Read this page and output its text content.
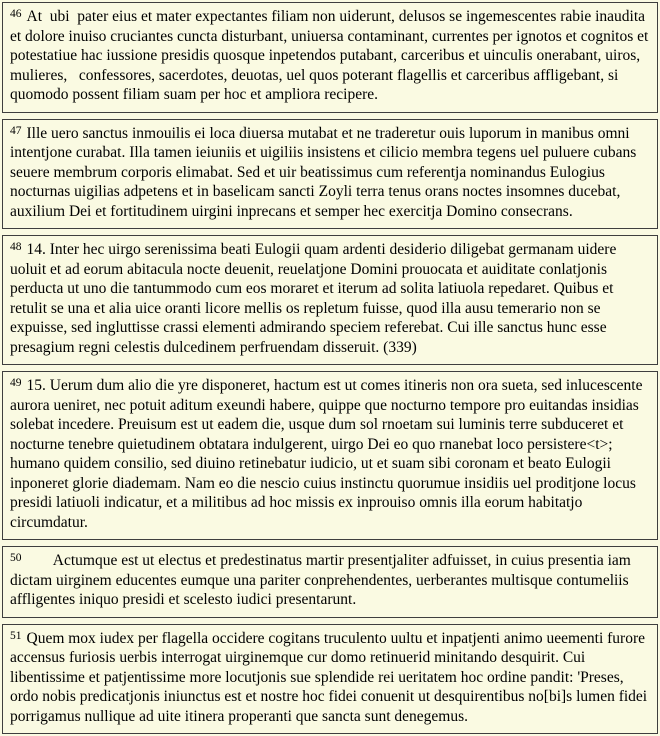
$^{46}$ At  ubi  pater eius et mater expectantes filiam non uiderunt, delusos se ingemescentes rabie inaudita et dolore inuiso cruciantes cuncta disturbant, uniuersa contaminant, currentes per ignotos et cognitos et potestatiue hac iussione presidis quosque inpetendos putabant, carceribus et uinculis onerabant, uiros, mulieres,   confessores, sacerdotes, deuotas, uel quos poterant flagellis et carceribus affligebant, si quomodo possent filiam suam per hoc et ampliora recipere.
$^{47}$ Ille uero sanctus inmouilis ei loca diuersa mutabat et ne traderetur ouis luporum in manibus omni intentjone curabat. Illa tamen ieiuniis et uigiliis insistens et cilicio membra tegens uel puluere cubans seuere membrum corporis elimabat. Sed et uir beatissimus cum referentja nominandus Eulogius nocturnas uigilias adpetens et in baselicam sancti Zoyli terra tenus orans noctes insomnes ducebat, auxilium Dei et fortitudinem uirgini inprecans et semper hec exercitja Domino consecrans.
$^{48}$ 14. Inter hec uirgo serenissima beati Eulogii quam ardenti desiderio diligebat germanam uidere uoluit et ad eorum abitacula nocte deuenit, reuelatjone Domini prouocata et auiditate conlatjonis perducta ut uno die tantummodo cum eos moraret et iterum ad solita latiuola repedaret. Quibus et retulit se una et alia uice oranti licore mellis os repletum fuisse, quod illa ausu temerario non se expuisse, sed ingluttisse crassi elementi admirando speciem referebat. Cui ille sanctus hunc esse presagium regni celestis dulcedinem perfruendam disseruit. (339)
$^{49}$ 15. Uerum dum alio die yre disponeret, hactum est ut comes itineris non ora sueta, sed inlucescente aurora ueniret, nec potuit aditum exeundi habere, quippe que nocturno tempore pro euitandas insidias solebat incedere. Preuisum est ut eadem die, usque dum sol rnoetam sui luminis terre subduceret et nocturne tenebre quietudinem obtatara indulgerent, uirgo Dei eo quo rnanebat loco persistere<t>; humano quidem consilio, sed diuino retinebatur iudicio, ut et suam sibi coronam et beato Eulogii inponeret glorie diademam. Nam eo die nescio cuius instinctu quorumue insidiis uel proditjone locus presidi latiuoli indicatur, et a militibus ad hoc missis ex inprouiso omnis illa eorum habitatjo circumdatur.
$^{50}$       Actumque est ut electus et predestinatus martir presentjaliter adfuisset, in cuius presentia iam dictam uirginem educentes eumque una pariter conprehendentes, uerberantes multisque contumeliis affligentes iniquo presidi et scelesto iudici presentarunt.
$^{51}$ Quem mox iudex per flagella occidere cogitans truculento uultu et inpatjenti animo ueementi furore accensus furiosis uerbis interrogat uirginemque cur domo retinuerid minitando desquirit. Cui libentissime et patjentissime more locutjonis sue splendide rei ueritatem hoc ordine pandit: 'Preses, ordo nobis predicatjonis iniunctus est et nostre hoc fidei conuenit ut desquirentibus no[bi]s lumen fidei porrigamus nullique ad uite itinera properanti que sancta sunt denegemus.
